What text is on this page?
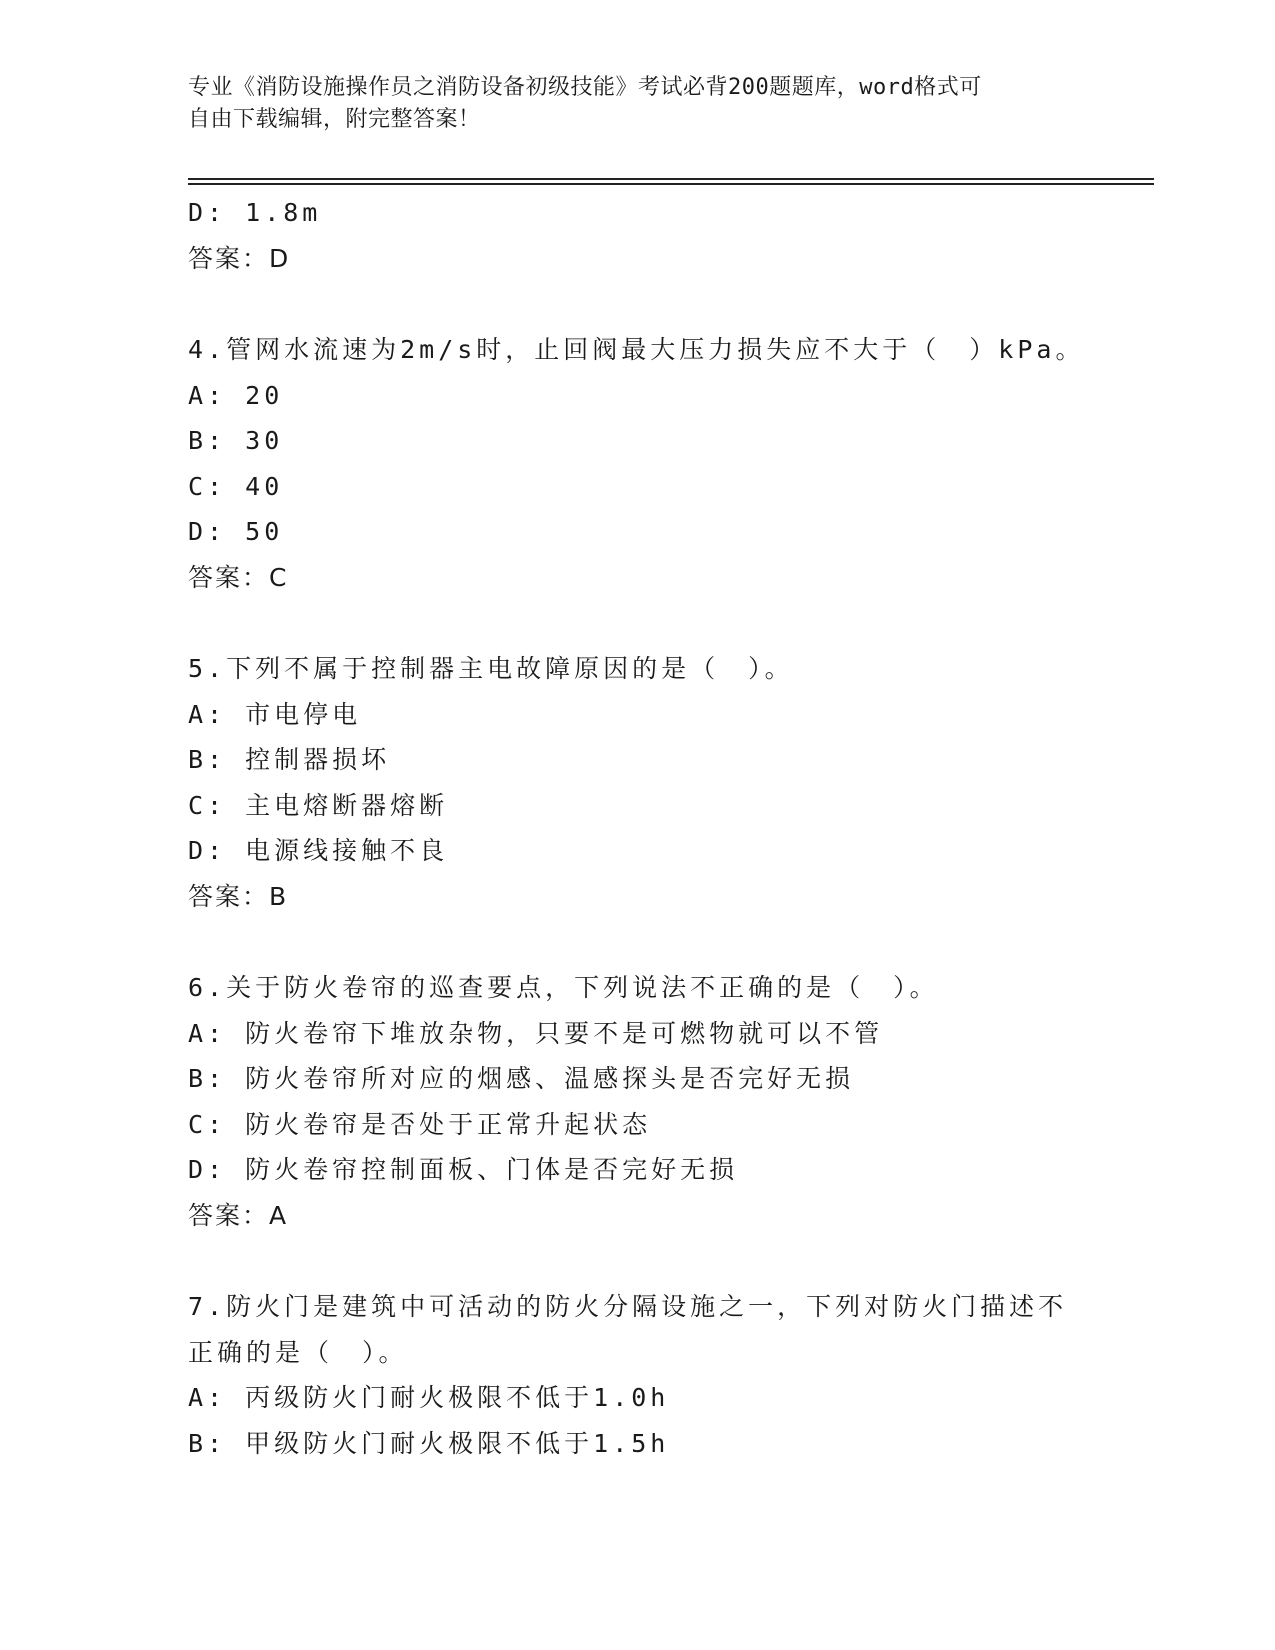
专业《消防设施操作员之消防设备初级技能》考试必背200题题库，word格式可
自由下载编辑，附完整答案！
D: 1.8m
答案：D
4.管网水流速为2m/s时，止回阀最大压力损失应不大于（　）kPa。
A: 20
B: 30
C: 40
D: 50
答案：C
5.下列不属于控制器主电故障原因的是（　）。
A: 市电停电
B: 控制器损坏
C: 主电熔断器熔断
D: 电源线接触不良
答案：B
6.关于防火卷帘的巡查要点，下列说法不正确的是（　）。
A: 防火卷帘下堆放杂物，只要不是可燃物就可以不管
B: 防火卷帘所对应的烟感、温感探头是否完好无损
C: 防火卷帘是否处于正常升起状态
D: 防火卷帘控制面板、门体是否完好无损
答案：A
7.防火门是建筑中可活动的防火分隔设施之一，下列对防火门描述不
正确的是（　）。
A: 丙级防火门耐火极限不低于1.0h
B: 甲级防火门耐火极限不低于1.5h
